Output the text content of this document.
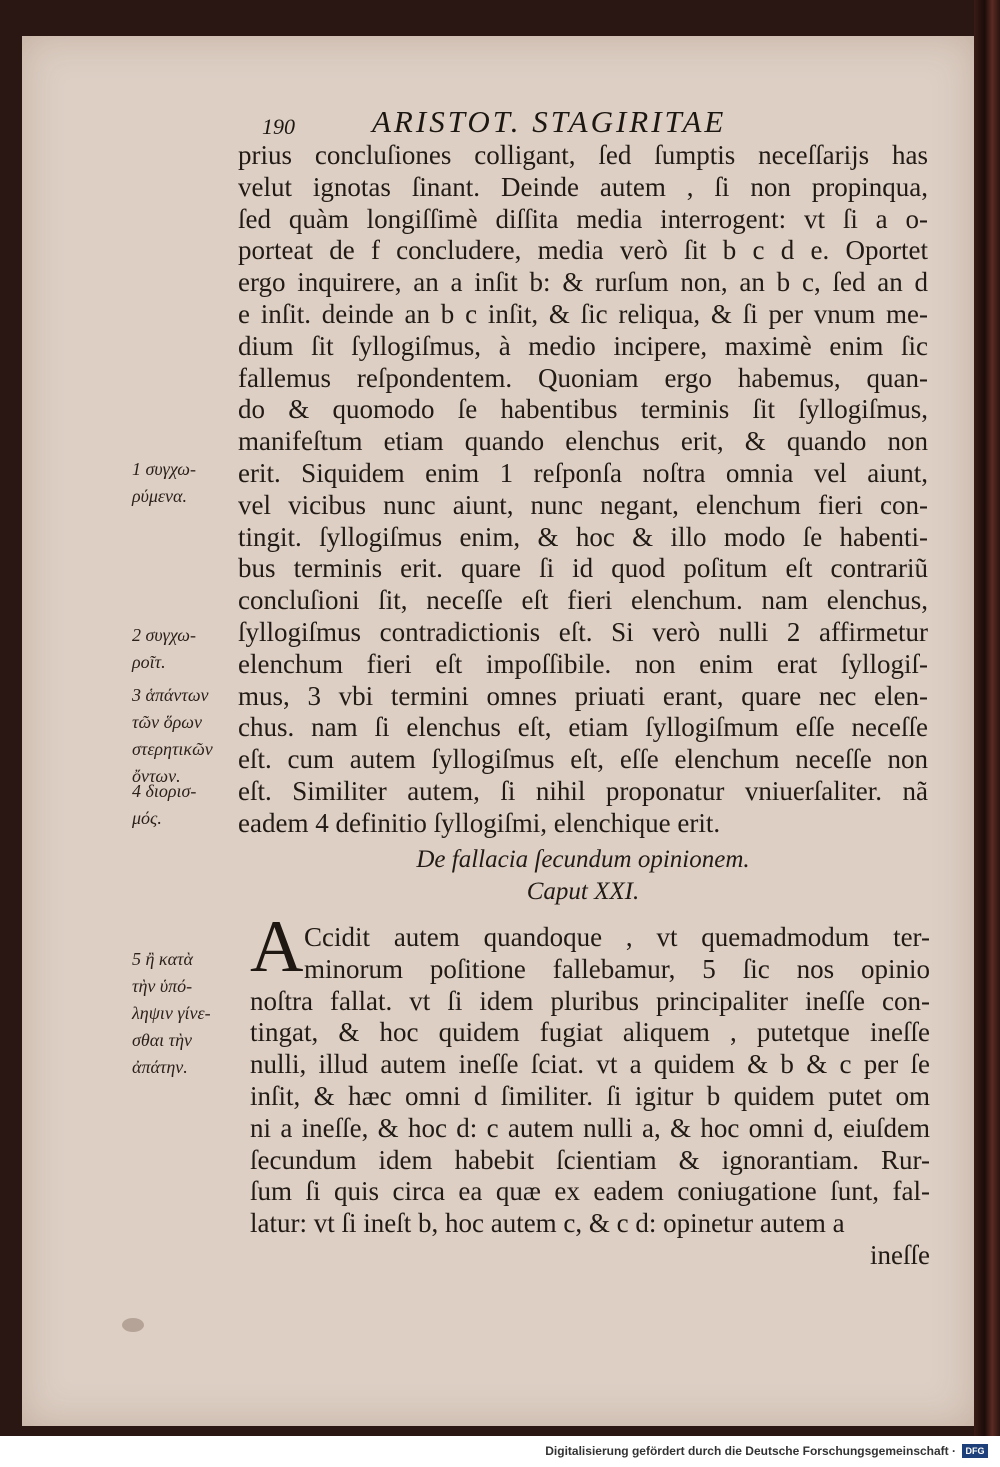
190 ARISTOT. STAGIRITAE
prius concluſiones colligant, ſed ſumptis neceſſarijs has
velut ignotas ſinant. Deinde autem , ſi non propinqua,
ſed quàm longiſſimè diſſita media interrogent: vt ſi a o-
porteat de f concludere, media verò ſit b c d e. Oportet
ergo inquirere, an a inſit b: & rurſum non, an b c, ſed an d
e inſit. deinde an b c inſit, & ſic reliqua, & ſi per vnum me-
dium ſit ſyllogiſmus, à medio incipere, maximè enim ſic
fallemus reſpondentem. Quoniam ergo habemus, quan-
do & quomodo ſe habentibus terminis ſit ſyllogiſmus,
manifeſtum etiam quando elenchus erit, & quando non
erit. Siquidem enim 1 reſponſa noſtra omnia vel aiunt,
vel vicibus nunc aiunt, nunc negant, elenchum fieri con-
tingit. ſyllogiſmus enim, & hoc & illo modo ſe habenti-
bus terminis erit. quare ſi id quod poſitum eſt contrariũ
concluſioni ſit, neceſſe eſt fieri elenchum. nam elenchus,
ſyllogiſmus contradictionis eſt. Si verò nulli 2 affirmetur
elenchum fieri eſt impoſſibile. non enim erat ſyllogiſ-
mus, 3 vbi termini omnes priuati erant, quare nec elen-
chus. nam ſi elenchus eſt, etiam ſyllogiſmum eſſe neceſſe
eſt. cum autem ſyllogiſmus eſt, eſſe elenchum neceſſe non
eſt. Similiter autem, ſi nihil proponatur vniuerſaliter. nã
eadem 4 definitio ſyllogiſmi, elenchique erit.
De fallacia ſecundum opinionem.
Caput XXI.
A Ccidit autem quandoque , vt quemadmodum ter-
minorum poſitione fallebamur, 5 ſic nos opinio
noſtra fallat. vt ſi idem pluribus principaliter ineſſe con-
tingat, & hoc quidem fugiat aliquem , putetque ineſſe
nulli, illud autem ineſſe ſciat. vt a quidem & b & c per ſe
inſit, & hæc omni d ſimiliter. ſi igitur b quidem putet om
ni a ineſſe, & hoc d: c autem nulli a, & hoc omni d, eiuſdem
ſecundum idem habebit ſcientiam & ignorantiam. Rur-
ſum ſi quis circa ea quæ ex eadem coniugatione ſunt, fal-
latur: vt ſi ineſt b, hoc autem c, & c d: opinetur autem a
ineſſe
1 συγχω-
ρύμενα.
2 συγχω-
ροῖτ.
3 ἁπάντων
τῶν ὅρων
στερητικῶν
ὄντων.
4 διορισ-
μός.
5 ἢ κατὰ
τὴν ὑπό-
ληψιν γίνε-
σθαι τὴν
ἀπάτην.
Digitalisierung gefördert durch die Deutsche Forschungsgemeinschaft ·	DFG
